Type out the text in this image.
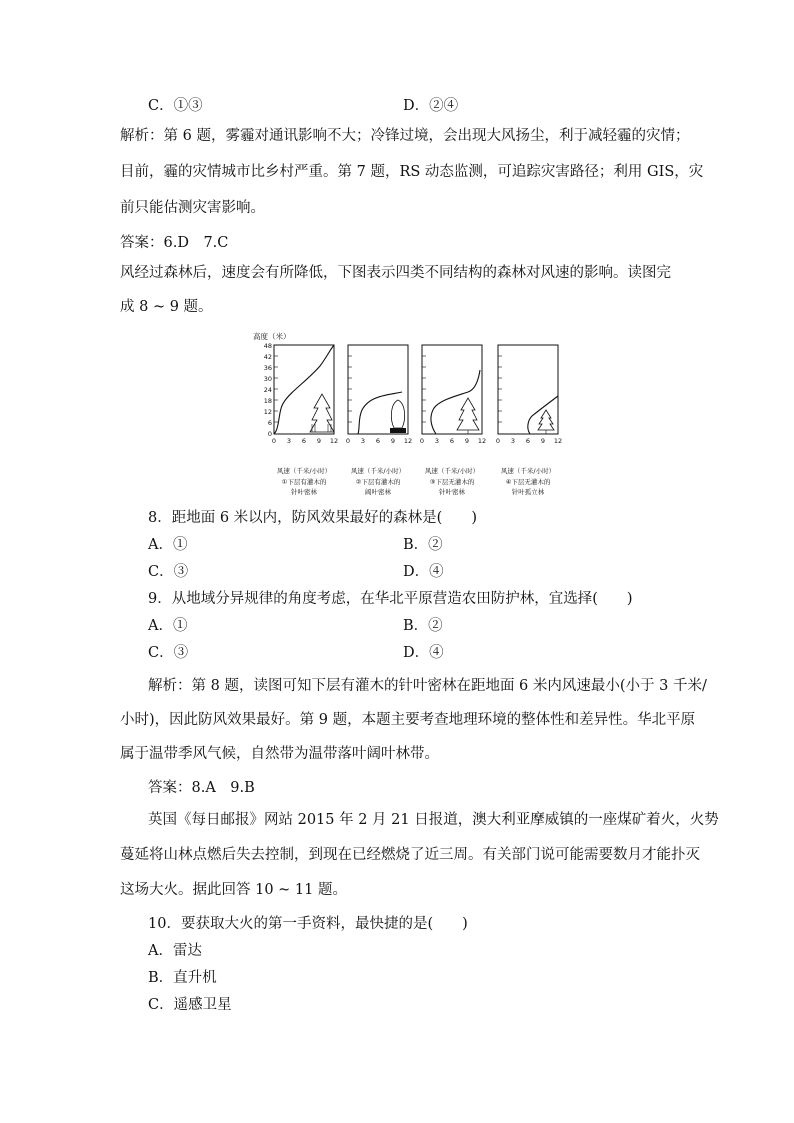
C．①③	D．②④
解析：第 6 题，雾霾对通讯影响不大；冷锋过境，会出现大风扬尘，利于减轻霾的灾情；
目前，霾的灾情城市比乡村严重。第 7 题，RS 动态监测，可追踪灾害路径；利用 GIS，灾
前只能估测灾害影响。
答案：6.D　7.C
风经过森林后，速度会有所降低，下图表示四类不同结构的森林对风速的影响。读图完
成 8 ~ 9 题。
高度（米）
48
42
36
30
24
18
12
6
0
0 3 6 9 12
风速（千米/小时）
①下层有灌木的
针叶密林
0 3 6 9 12
风速（千米/小时）
②下层有灌木的
阔叶密林
0 3 6 9 12
风速（千米/小时）
③下层无灌木的
针叶密林
0 3 6 9 12
风速（千米/小时）
④下层无灌木的
针叶孤立林
8．距地面 6 米以内，防风效果最好的森林是(　　)
A．①	B．②
C．③	D．④
9．从地域分异规律的角度考虑，在华北平原营造农田防护林，宜选择(　　)
A．①	B．②
C．③	D．④
解析：第 8 题，读图可知下层有灌木的针叶密林在距地面 6 米内风速最小(小于 3 千米/
小时)，因此防风效果最好。第 9 题，本题主要考查地理环境的整体性和差异性。华北平原
属于温带季风气候，自然带为温带落叶阔叶林带。
答案：8.A　9.B
英国《每日邮报》网站 2015 年 2 月 21 日报道，澳大利亚摩威镇的一座煤矿着火，火势
蔓延将山林点燃后失去控制，到现在已经燃烧了近三周。有关部门说可能需要数月才能扑灭
这场大火。据此回答 10 ~ 11 题。
10．要获取大火的第一手资料，最快捷的是(　　)
A．雷达
B．直升机
C．遥感卫星
